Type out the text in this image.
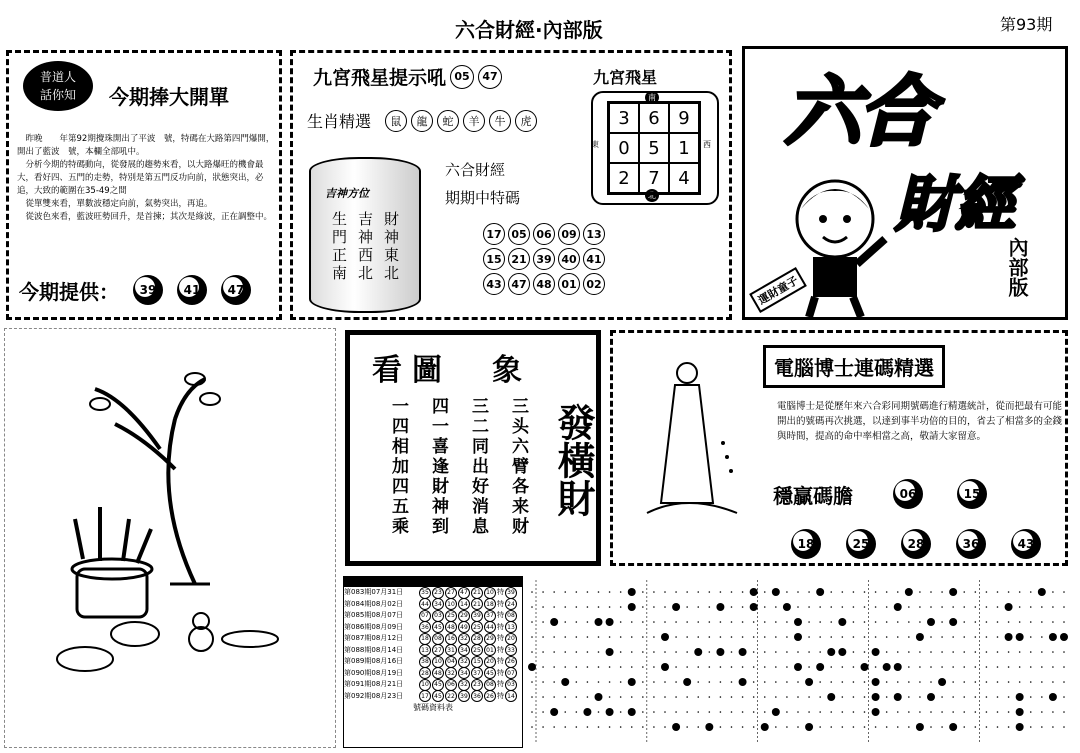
六合財經·內部版	第93期
普道人
話你知	今期捧大開單
　昨晚　　年第92期攪珠開出了平波　號，特碼在大路第四門爆開，開出了藍波　號，本欄全部吼中。
　分析今期的特碼動向，從發展的趨勢來看，以大路爆旺的機會最大，看好四、五門的走勢，特別是第五門反功向前，狀態突出，必追，大致的範圍在35-49之間
　從單雙來看，單數波穩定向前，氣勢突出，再追。
　從波色來看，藍波旺勢回升，是首揀；其次是綠波，正在調整中。
今期提供：	39	41	47
九宮飛星提示吼 05	47
生肖精選	鼠	龍	蛇	羊	牛	虎
吉神方位
生門正南 吉神西北 財神東北
六合財經
期期中特碼
17 05 06 09 13
15 21 39 40 41
43 47 48 01 02
九宮飛星
南
北
東	西
3	6	9
0	5	1
2	7	4
六合
財經
運財童子	內部版
看圖　象
一四相加四五乘 四一喜逢財神到 三二同出好消息 三头六臂各来财 發橫財
電腦博士連碼精選
電腦博士是從歷年來六合彩同期號碼進行精選統計，從而把最有可能開出的號碼再次挑選，以達到事半功倍的目的，省去了相當多的金錢與時間，提高的命中率相當之高，敬請大家留意。
穩贏碼膽	06	15
18	25	28	36	43
第083期07月31日	35 23 27 47 21 10 特 39
第084期08月02日	44 34 10 14 21 18 特 24
第085期08月07日	07 03 25 29 39 37 特 08
第086期08月09日	36 45 48 49 25 44 特 13
第087期08月12日	18 08 16 32 28 29 特 20
第088期08月14日	13 27 31 34 25 01 特 33
第089期08月16日	38 10 04 32 15 20 特 26
第090期08月19日	28 48 32 34 37 45 特 07
第091期08月21日	10 45 06 32 23 08 特 03
第092期08月23日	17 45 22 39 36 26 特 14
號碼資料表
